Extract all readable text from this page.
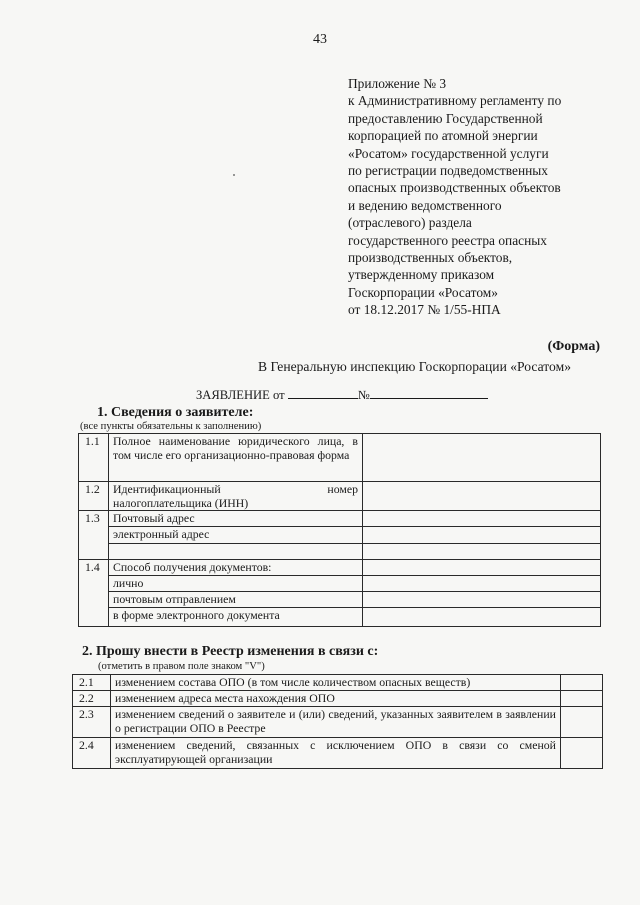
43
Приложение № 3
к Административному регламенту по
предоставлению Государственной
корпорацией по атомной энергии
«Росатом» государственной услуги
по регистрации подведомственных
опасных производственных объектов
и ведению ведомственного
(отраслевого) раздела
государственного реестра опасных
производственных объектов,
утвержденному приказом
Госкорпорации «Росатом»
от 18.12.2017 № 1/55-НПА
(Форма)
В Генеральную инспекцию Госкорпорации «Росатом»
ЗАЯВЛЕНИЕ от	№
1. Сведения о заявителе:
(все пункты обязательны к заполнению)
1.1	Полное наименование юридического лица, в том числе его организационно-правовая форма	
1.2	Идентификационный номер
налогоплательщика (ИНН)	

1.3	Почтовый адрес	
	электронный адрес	

1.4	Способ получения документов:	
	лично	
	почтовым отправлением	
	в форме электронного документа	
2. Прошу внести в Реестр изменения в связи с:
(отметить в правом поле знаком "V")
2.1	изменением состава ОПО (в том числе количеством опасных веществ)	
2.2	изменением адреса места нахождения ОПО	
2.3	изменением сведений о заявителе и (или) сведений, указанных заявителем в заявлении о регистрации ОПО в Реестре	
2.4	изменением сведений, связанных с исключением ОПО в связи со сменой эксплуатирующей организации	
